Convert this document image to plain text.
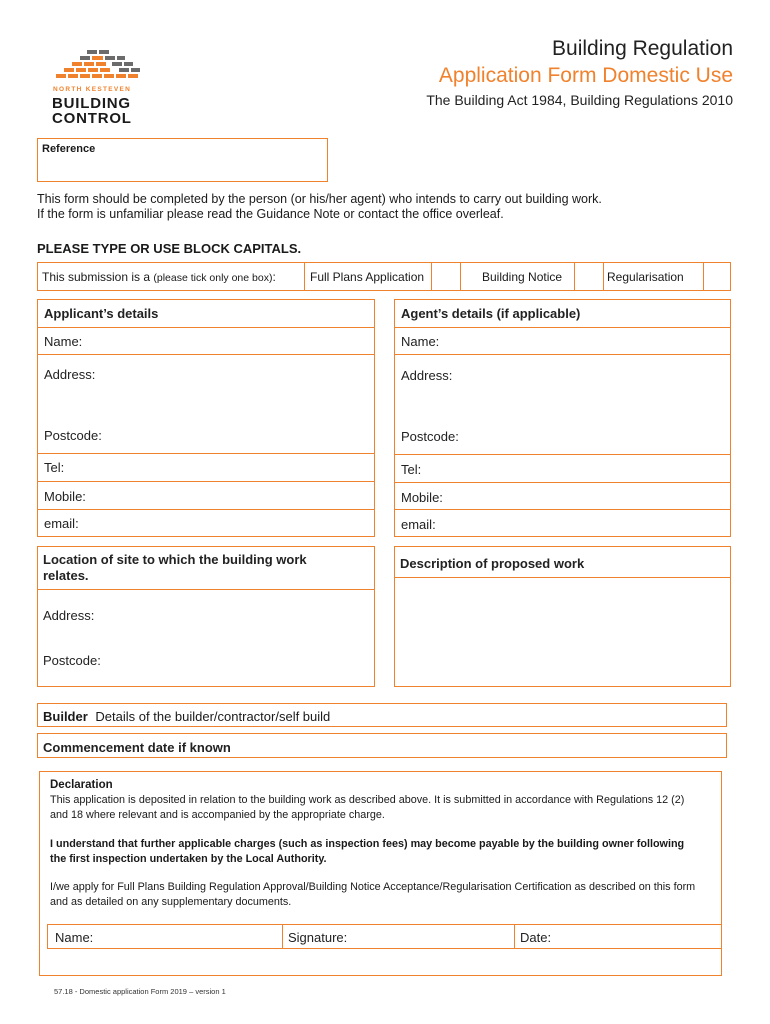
NORTH KESTEVEN
BUILDING
CONTROL
Building Regulation
Application Form Domestic Use
The Building Act 1984, Building Regulations 2010
Reference
This form should be completed by the person (or his/her agent) who intends to carry out building work.
If the form is unfamiliar please read the Guidance Note or contact the office overleaf.
PLEASE TYPE OR USE BLOCK CAPITALS.
This submission is a (please tick only one box):	Full Plans Application	Building Notice	Regularisation
Applicant’s details
Name:
Address:
Postcode:
Tel:
Mobile:
email:
Agent’s details (if applicable)
Name:
Address:
Postcode:
Tel:
Mobile:
email:
Location of site to which the building work
relates.
Address:
Postcode:
Description of proposed work
Builder Details of the builder/contractor/self build
Commencement date if known
Declaration
This application is deposited in relation to the building work as described above. It is submitted in accordance with Regulations 12 (2)
and 18 where relevant and is accompanied by the appropriate charge.
I understand that further applicable charges (such as inspection fees) may become payable by the building owner following
the first inspection undertaken by the Local Authority.
I/we apply for Full Plans Building Regulation Approval/Building Notice Acceptance/Regularisation Certification as described on this form
and as detailed on any supplementary documents.
Name:	Signature:	Date:
57.18 - Domestic application Form 2019 – version 1
